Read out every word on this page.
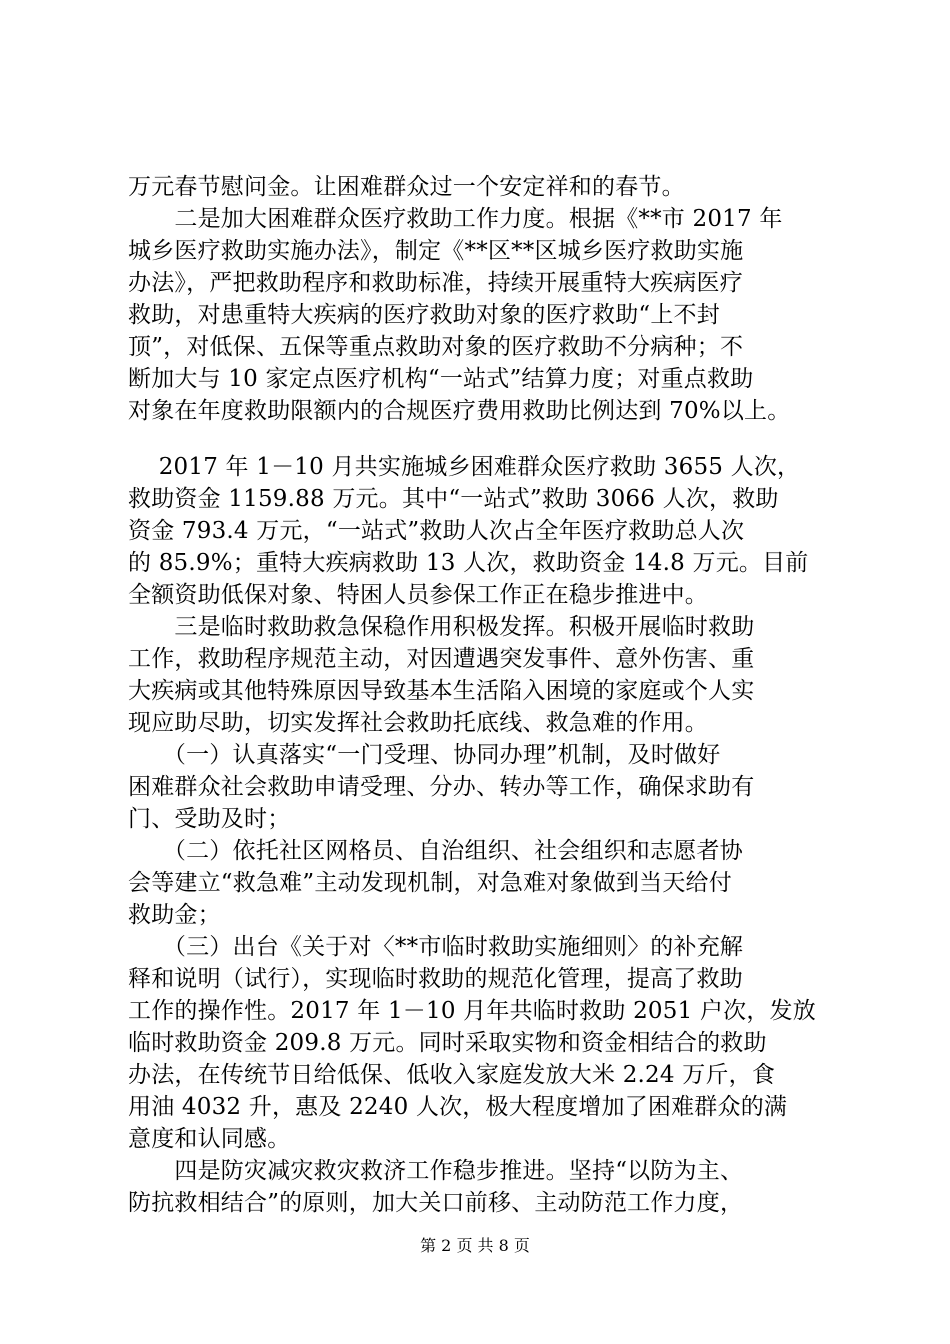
万元春节慰问金。让困难群众过一个安定祥和的春节。
　　二是加大困难群众医疗救助工作力度。根据《**市 2017 年
城乡医疗救助实施办法》，制定《**区**区城乡医疗救助实施
办法》，严把救助程序和救助标准，持续开展重特大疾病医疗
救助，对患重特大疾病的医疗救助对象的医疗救助“上不封
顶”，对低保、五保等重点救助对象的医疗救助不分病种；不
断加大与 10 家定点医疗机构“一站式”结算力度；对重点救助
对象在年度救助限额内的合规医疗费用救助比例达到 70%以上。
　 2017 年 1－10 月共实施城乡困难群众医疗救助 3655 人次，
救助资金 1159.88 万元。其中“一站式”救助 3066 人次，救助
资金 793.4 万元，“一站式”救助人次占全年医疗救助总人次
的 85.9%；重特大疾病救助 13 人次，救助资金 14.8 万元。目前
全额资助低保对象、特困人员参保工作正在稳步推进中。
　　三是临时救助救急保稳作用积极发挥。积极开展临时救助
工作，救助程序规范主动，对因遭遇突发事件、意外伤害、重
大疾病或其他特殊原因导致基本生活陷入困境的家庭或个人实
现应助尽助，切实发挥社会救助托底线、救急难的作用。
　　（一）认真落实“一门受理、协同办理”机制，及时做好
困难群众社会救助申请受理、分办、转办等工作，确保求助有
门、受助及时；
　　（二）依托社区网格员、自治组织、社会组织和志愿者协
会等建立“救急难”主动发现机制，对急难对象做到当天给付
救助金；
　　（三）出台《关于对〈**市临时救助实施细则〉的补充解
释和说明（试行），实现临时救助的规范化管理，提高了救助
工作的操作性。2017 年 1－10 月年共临时救助 2051 户次，发放
临时救助资金 209.8 万元。同时采取实物和资金相结合的救助
办法，在传统节日给低保、低收入家庭发放大米 2.24 万斤，食
用油 4032 升，惠及 2240 人次，极大程度增加了困难群众的满
意度和认同感。
　　四是防灾减灾救灾救济工作稳步推进。坚持“以防为主、
防抗救相结合”的原则，加大关口前移、主动防范工作力度，
第 2 页 共 8 页
